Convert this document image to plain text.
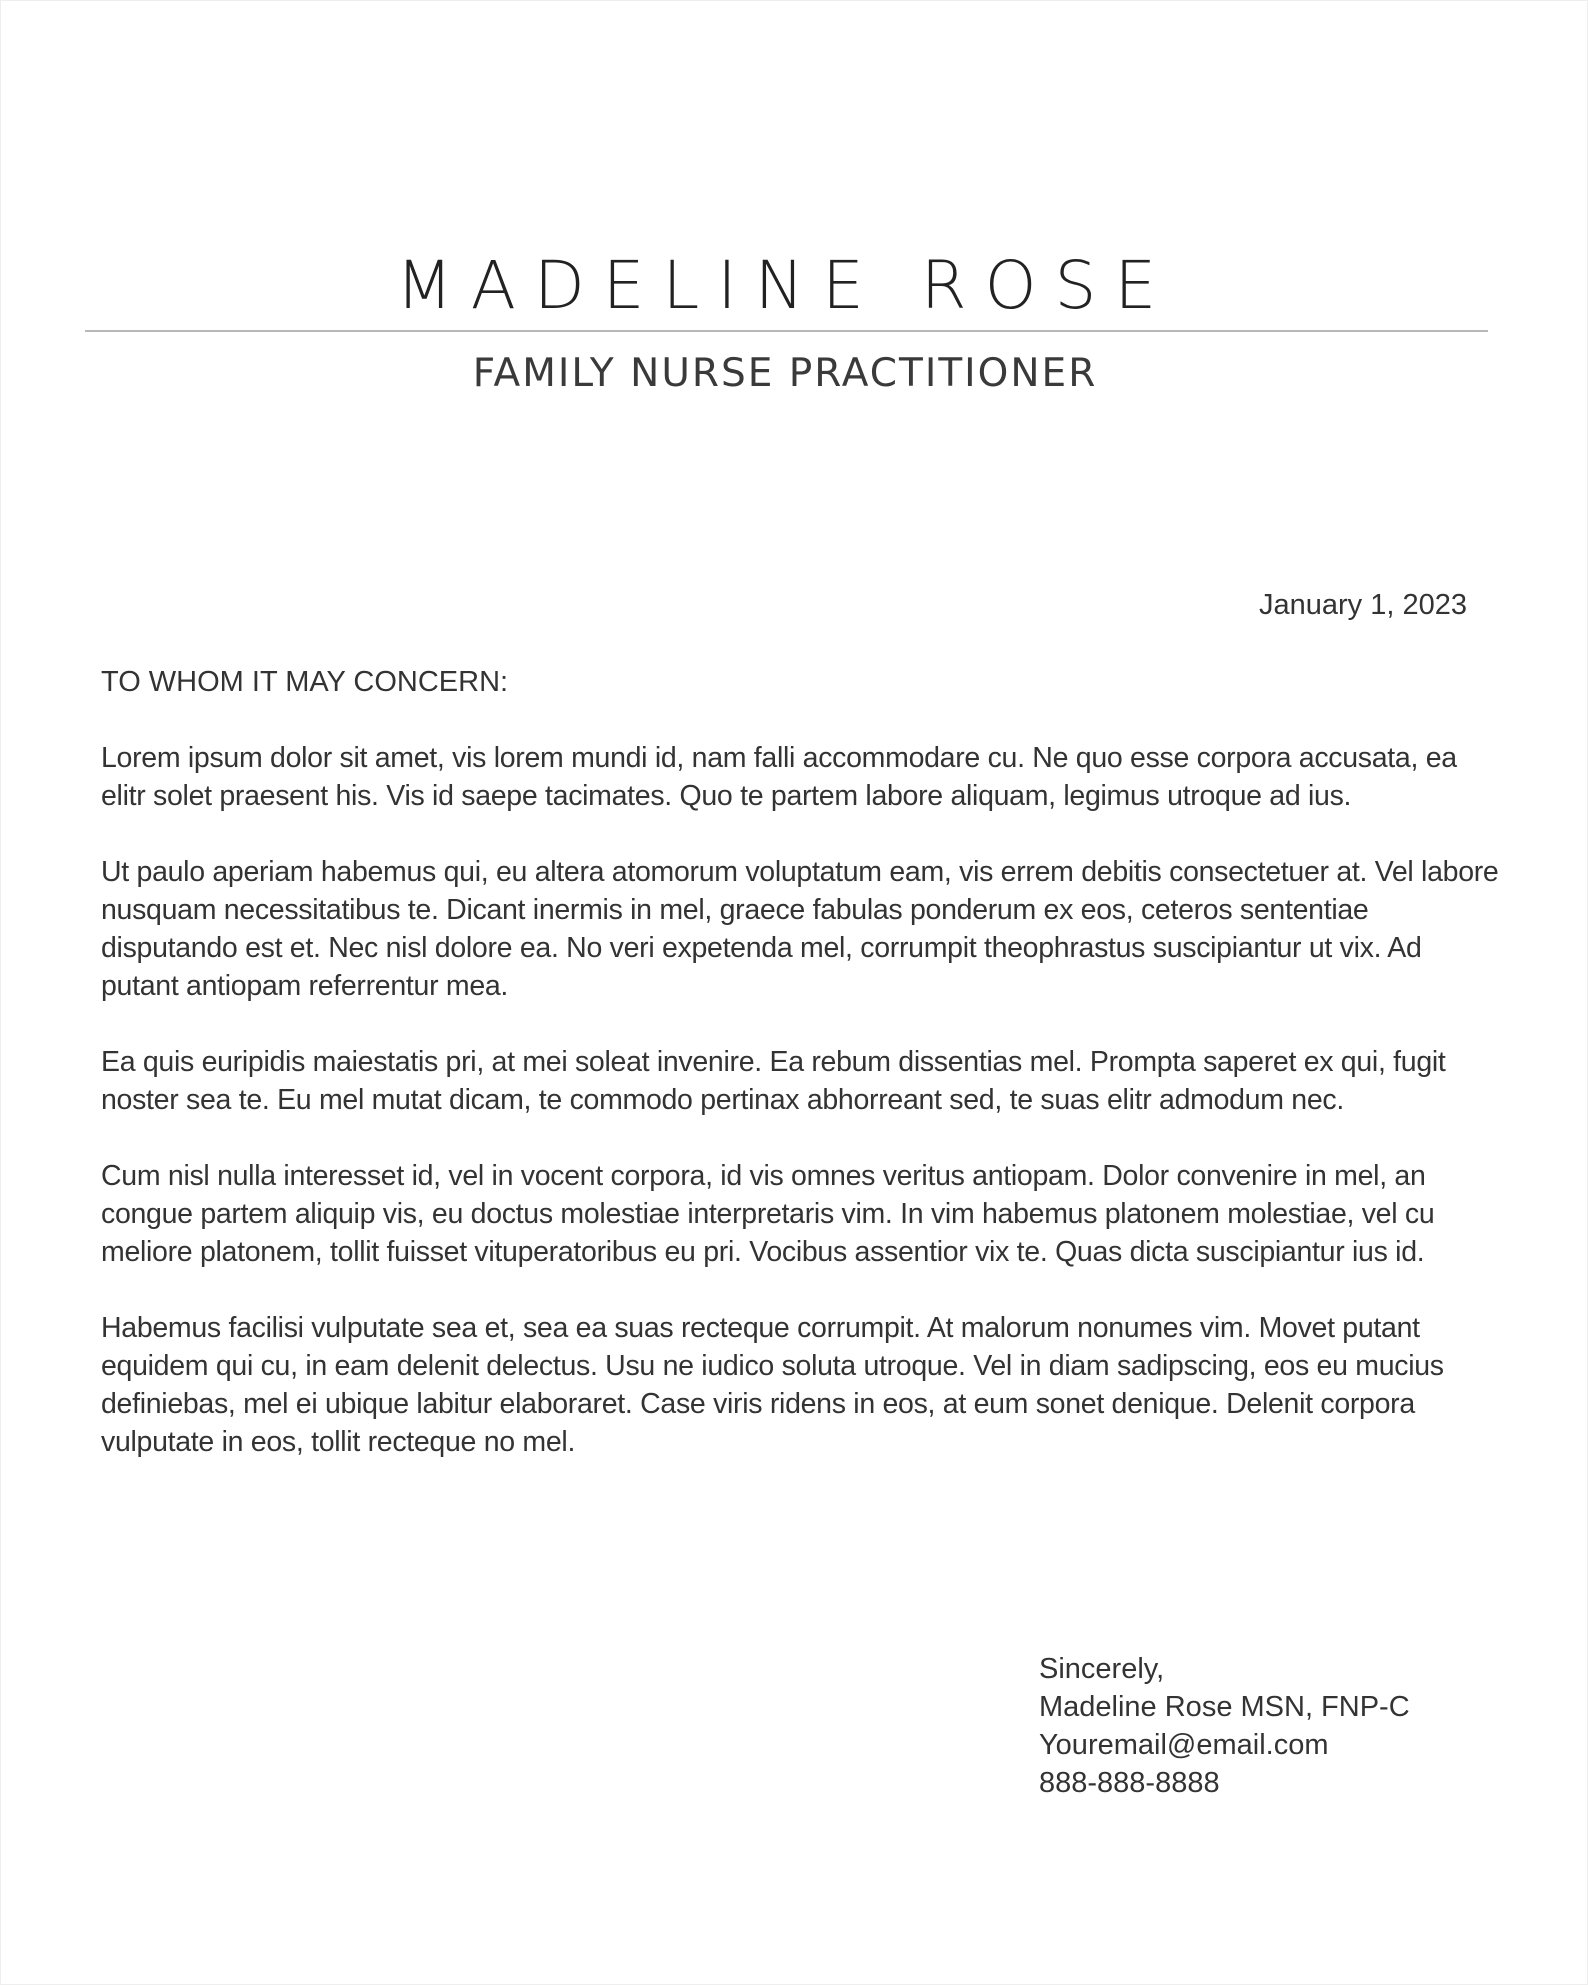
MADELINE ROSE
FAMILY NURSE PRACTITIONER
January 1, 2023
TO WHOM IT MAY CONCERN:

Lorem ipsum dolor sit amet, vis lorem mundi id, nam falli accommodare cu. Ne quo esse corpora accusata, ea elitr solet praesent his. Vis id saepe tacimates. Quo te partem labore aliquam, legimus utroque ad ius.

Ut paulo aperiam habemus qui, eu altera atomorum voluptatum eam, vis errem debitis consectetuer at. Vel labore nusquam necessitatibus te. Dicant inermis in mel, graece fabulas ponderum ex eos, ceteros sententiae disputando est et. Nec nisl dolore ea. No veri expetenda mel, corrumpit theophrastus suscipiantur ut vix. Ad putant antiopam referrentur mea.

Ea quis euripidis maiestatis pri, at mei soleat invenire. Ea rebum dissentias mel. Prompta saperet ex qui, fugit noster sea te. Eu mel mutat dicam, te commodo pertinax abhorreant sed, te suas elitr admodum nec.

Cum nisl nulla interesset id, vel in vocent corpora, id vis omnes veritus antiopam. Dolor convenire in mel, an congue partem aliquip vis, eu doctus molestiae interpretaris vim. In vim habemus platonem molestiae, vel cu meliore platonem, tollit fuisset vituperatoribus eu pri. Vocibus assentior vix te. Quas dicta suscipiantur ius id.

Habemus facilisi vulputate sea et, sea ea suas recteque corrumpit. At malorum nonumes vim. Movet putant equidem qui cu, in eam delenit delectus. Usu ne iudico soluta utroque. Vel in diam sadipscing, eos eu mucius definiebas, mel ei ubique labitur elaboraret. Case viris ridens in eos, at eum sonet denique. Delenit corpora vulputate in eos, tollit recteque no mel.

Sincerely,
Madeline Rose MSN, FNP-C
Youremail@email.com
888-888-8888
